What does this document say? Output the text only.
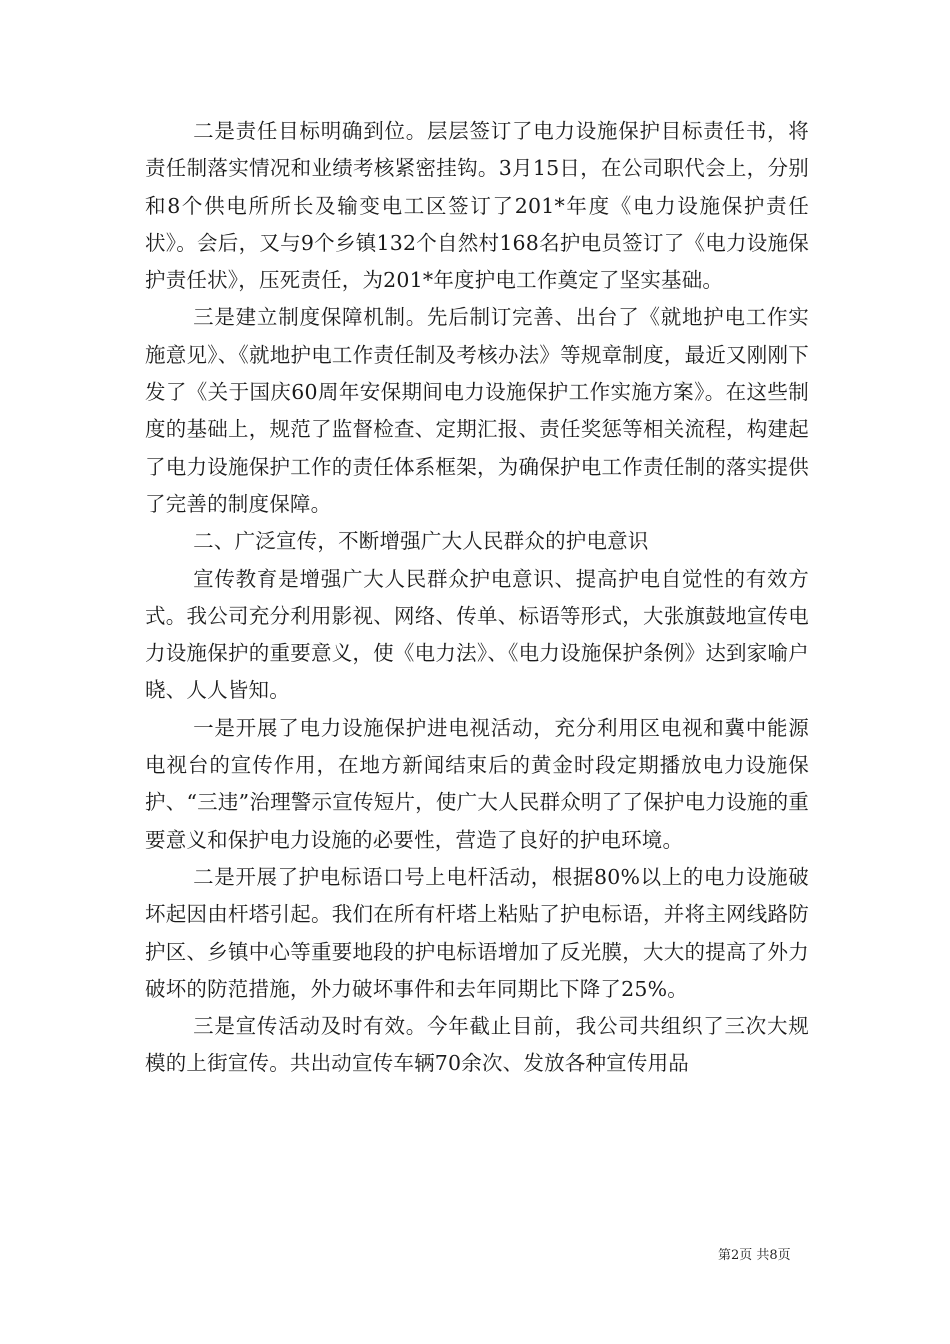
二是责任目标明确到位。层层签订了电力设施保护目标责任书，将责任制落实情况和业绩考核紧密挂钩。3月15日，在公司职代会上，分别和8个供电所所长及输变电工区签订了201*年度《电力设施保护责任状》。会后，又与9个乡镇132个自然村168名护电员签订了《电力设施保护责任状》，压死责任，为201*年度护电工作奠定了坚实基础。

三是建立制度保障机制。先后制订完善、出台了《就地护电工作实施意见》、《就地护电工作责任制及考核办法》等规章制度，最近又刚刚下发了《关于国庆60周年安保期间电力设施保护工作实施方案》。在这些制度的基础上，规范了监督检查、定期汇报、责任奖惩等相关流程，构建起了电力设施保护工作的责任体系框架，为确保护电工作责任制的落实提供了完善的制度保障。

二、广泛宣传，不断增强广大人民群众的护电意识

宣传教育是增强广大人民群众护电意识、提高护电自觉性的有效方式。我公司充分利用影视、网络、传单、标语等形式，大张旗鼓地宣传电力设施保护的重要意义，使《电力法》、《电力设施保护条例》达到家喻户晓、人人皆知。

一是开展了电力设施保护进电视活动，充分利用区电视和冀中能源电视台的宣传作用，在地方新闻结束后的黄金时段定期播放电力设施保护、“三违”治理警示宣传短片，使广大人民群众明了了保护电力设施的重要意义和保护电力设施的必要性，营造了良好的护电环境。

二是开展了护电标语口号上电杆活动，根据80%以上的电力设施破坏起因由杆塔引起。我们在所有杆塔上粘贴了护电标语，并将主网线路防护区、乡镇中心等重要地段的护电标语增加了反光膜，大大的提高了外力破坏的防范措施，外力破坏事件和去年同期比下降了25%。

三是宣传活动及时有效。今年截止目前，我公司共组织了三次大规模的上街宣传。共出动宣传车辆70余次、发放各种宣传用品

第2页 共8页
